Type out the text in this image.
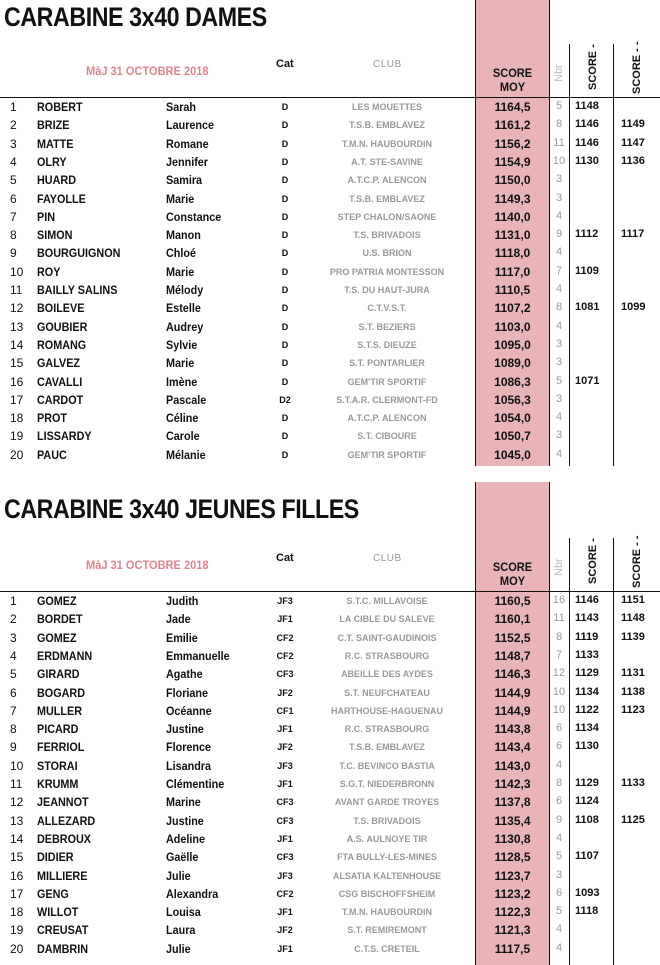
CARABINE 3x40 DAMES
MàJ 31 OCTOBRE 2018	Cat	CLUB
SCORE MOY
Nbr SCORE -	SCORE - -
1	ROBERT	Sarah	D	LES MOUETTES	1164,5	5	1148
2	BRIZE	Laurence	D	T.S.B. EMBLAVEZ	1161,2	8	1146	1149
3	MATTE	Romane	D	T.M.N. HAUBOURDIN	1156,2	11 1146	1147
4	OLRY	Jennifer	D	A.T. STE-SAVINE	1154,9	10 1130	1136
5	HUARD	Samira	D	A.T.C.P. ALENCON	1150,0	3
6	FAYOLLE	Marie	D	T.S.B. EMBLAVEZ	1149,3	3
7	PIN	Constance	D	STEP CHALON/SAONE	1140,0	4
8	SIMON	Manon	D	T.S. BRIVADOIS	1131,0	9	1112	1117
9	BOURGUIGNON	Chloé	D	U.S. BRION	1118,0	4
10	ROY	Marie	D	PRO PATRIA MONTESSON	1117,0	7	1109
11	BAILLY SALINS	Mélody	D	T.S. DU HAUT-JURA	1110,5	4
12	BOILEVE	Estelle	D	C.T.V.S.T.	1107,2	8	1081	1099
13	GOUBIER	Audrey	D	S.T. BEZIERS	1103,0	4
14	ROMANG	Sylvie	D	S.T.S. DIEUZE	1095,0	3
15	GALVEZ	Marie	D	S.T. PONTARLIER	1089,0	3
16	CAVALLI	Imène	D	GEM'TIR SPORTIF	1086,3	5	1071
17	CARDOT	Pascale	D2	S.T.A.R. CLERMONT-FD	1056,3	3
18	PROT	Céline	D	A.T.C.P. ALENCON	1054,0	4
19	LISSARDY	Carole	D	S.T. CIBOURE	1050,7	3
20	PAUC	Mélanie	D	GEM'TIR SPORTIF	1045,0	4
CARABINE 3x40 JEUNES FILLES
MàJ 31 OCTOBRE 2018	Cat	CLUB
SCORE MOY
Nbr SCORE -	SCORE - -
1	GOMEZ	Judith	JF3	S.T.C. MILLAVOISE	1160,5	16 1146	1151
2	BORDET	Jade	JF1	LA CIBLE DU SALEVE	1160,1	11 1143	1148
3	GOMEZ	Emilie	CF2	C.T. SAINT-GAUDINOIS	1152,5	8	1119	1139
4	ERDMANN	Emmanuelle	CF2	R.C. STRASBOURG	1148,7	7	1133
5	GIRARD	Agathe	CF3	ABEILLE DES AYDES	1146,3	12 1129	1131
6	BOGARD	Floriane	JF2	S.T. NEUFCHATEAU	1144,9	10 1134	1138
7	MULLER	Océanne	CF1	HARTHOUSE-HAGUENAU	1144,9	10 1122	1123
8	PICARD	Justine	JF1	R.C. STRASBOURG	1143,8	6	1134
9	FERRIOL	Florence	JF2	T.S.B. EMBLAVEZ	1143,4	6	1130
10	STORAI	Lisandra	JF3	T.C. BEVINCO BASTIA	1143,0	4
11	KRUMM	Clémentine	JF1	S.G.T. NIEDERBRONN	1142,3	8	1129	1133
12	JEANNOT	Marine	CF3	AVANT GARDE TROYES	1137,8	6	1124
13	ALLEZARD	Justine	CF3	T.S. BRIVADOIS	1135,4	9	1108	1125
14	DEBROUX	Adeline	JF1	A.S. AULNOYE TIR	1130,8	4
15	DIDIER	Gaëlle	CF3	FTA BULLY-LES-MINES	1128,5	5	1107
16	MILLIERE	Julie	JF3	ALSATIA KALTENHOUSE	1123,7	3
17	GENG	Alexandra	CF2	CSG BISCHOFFSHEIM	1123,2	6	1093
18	WILLOT	Louisa	JF1	T.M.N. HAUBOURDIN	1122,3	5	1118
19	CREUSAT	Laura	JF2	S.T. REMIREMONT	1121,3	4
20	DAMBRIN	Julie	JF1	C.T.S. CRETEIL	1117,5	4
